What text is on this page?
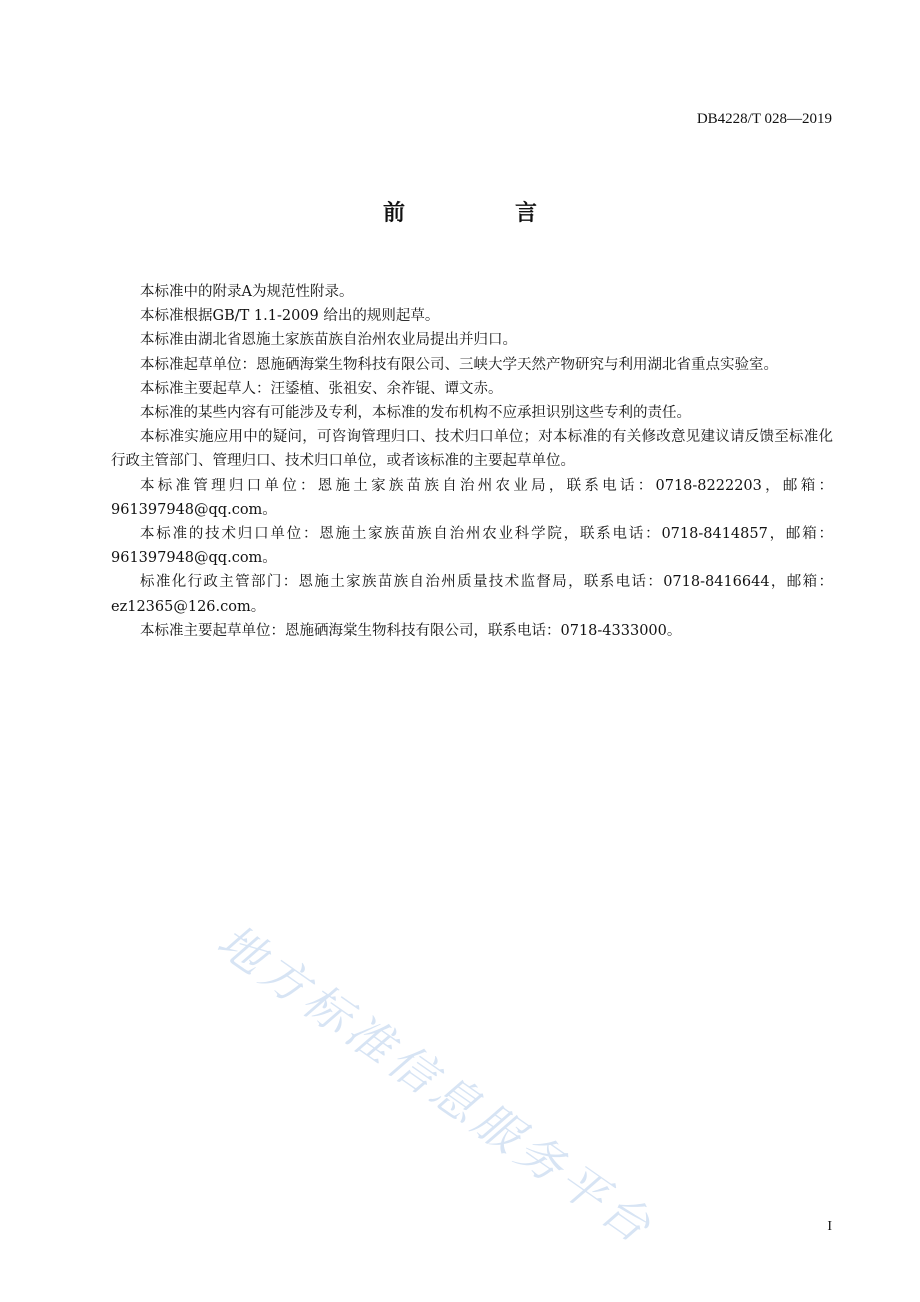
DB4228/T 028—2019
前　言

本标准中的附录A为规范性附录。

本标准根据GB/T 1.1-2009 给出的规则起草。

本标准由湖北省恩施土家族苗族自治州农业局提出并归口。

本标准起草单位：恩施硒海棠生物科技有限公司、三峡大学天然产物研究与利用湖北省重点实验室。

本标准主要起草人：汪鋈植、张祖安、余祚锟、谭文赤。

本标准的某些内容有可能涉及专利，本标准的发布机构不应承担识别这些专利的责任。

本标准实施应用中的疑问，可咨询管理归口、技术归口单位；对本标准的有关修改意见建议请反馈至标准化行政主管部门、管理归口、技术归口单位，或者该标准的主要起草单位。

本标准管理归口单位：恩施土家族苗族自治州农业局，联系电话：0718-8222203，邮箱：961397948@qq.com。

本标准的技术归口单位：恩施土家族苗族自治州农业科学院，联系电话：0718-8414857，邮箱：961397948@qq.com。

标准化行政主管部门：恩施土家族苗族自治州质量技术监督局，联系电话：0718-8416644，邮箱：ez12365@126.com。

本标准主要起草单位：恩施硒海棠生物科技有限公司，联系电话：0718-4333000。

地方标准信息服务平台	I
